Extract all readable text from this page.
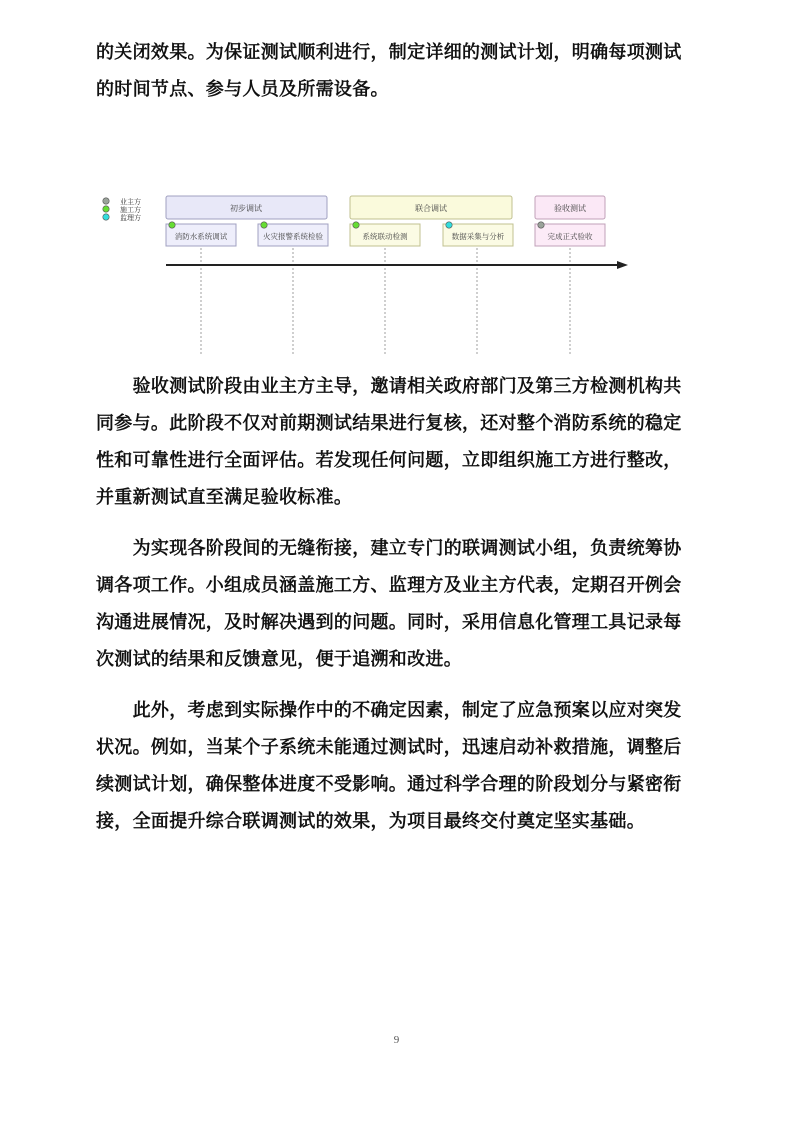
的关闭效果。为保证测试顺利进行，制定详细的测试计划，明确每项测试
的时间节点、参与人员及所需设备。
业主方
施工方
监理方
初步调试	联合调试	验收测试
消防水系统调试	火灾报警系统检验	系统联动检测	数据采集与分析	完成正式验收
　　验收测试阶段由业主方主导，邀请相关政府部门及第三方检测机构共
同参与。此阶段不仅对前期测试结果进行复核，还对整个消防系统的稳定
性和可靠性进行全面评估。若发现任何问题，立即组织施工方进行整改，
并重新测试直至满足验收标准。
　　为实现各阶段间的无缝衔接，建立专门的联调测试小组，负责统筹协
调各项工作。小组成员涵盖施工方、监理方及业主方代表，定期召开例会
沟通进展情况，及时解决遇到的问题。同时，采用信息化管理工具记录每
次测试的结果和反馈意见，便于追溯和改进。
　　此外，考虑到实际操作中的不确定因素，制定了应急预案以应对突发
状况。例如，当某个子系统未能通过测试时，迅速启动补救措施，调整后
续测试计划，确保整体进度不受影响。通过科学合理的阶段划分与紧密衔
接，全面提升综合联调测试的效果，为项目最终交付奠定坚实基础。
9
